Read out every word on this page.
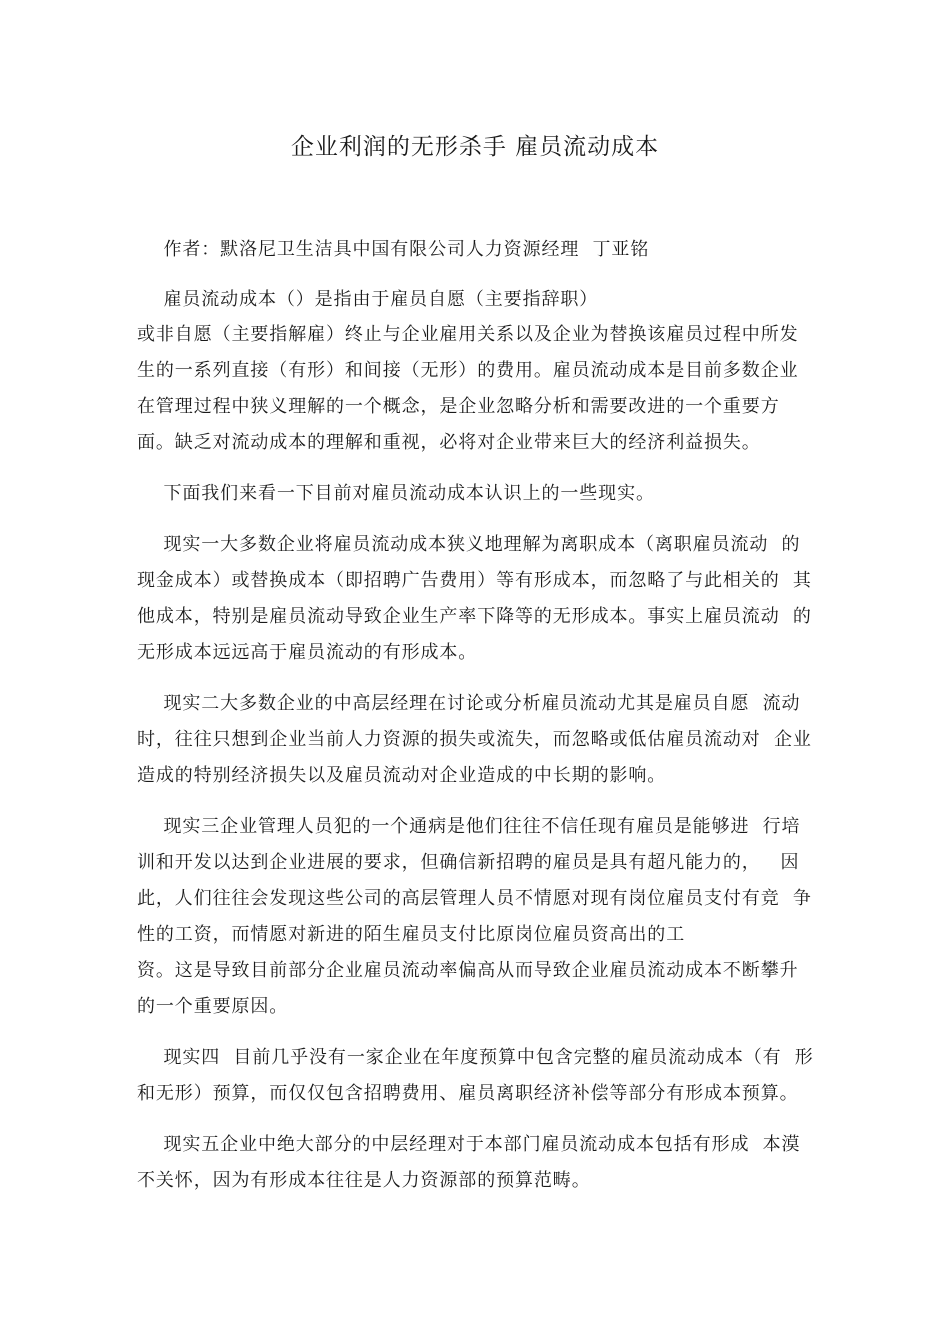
企业利润的无形杀手 雇员流动成本
作者：默洛尼卫生洁具中国有限公司人力资源经理  丁亚铭
雇员流动成本（）是指由于雇员自愿（主要指辞职）
或非自愿（主要指解雇）终止与企业雇用关系以及企业为替换该雇员过程中所发
生的一系列直接（有形）和间接（无形）的费用。雇员流动成本是目前多数企业
在管理过程中狭义理解的一个概念，是企业忽略分析和需要改进的一个重要方
面。缺乏对流动成本的理解和重视，必将对企业带来巨大的经济利益损失。
下面我们来看一下目前对雇员流动成本认识上的一些现实。
现实一大多数企业将雇员流动成本狭义地理解为离职成本（离职雇员流动  的
现金成本）或替换成本（即招聘广告费用）等有形成本，而忽略了与此相关的  其
他成本，特别是雇员流动导致企业生产率下降等的无形成本。事实上雇员流动  的
无形成本远远高于雇员流动的有形成本。
现实二大多数企业的中高层经理在讨论或分析雇员流动尤其是雇员自愿  流动
时，往往只想到企业当前人力资源的损失或流失，而忽略或低估雇员流动对  企业
造成的特别经济损失以及雇员流动对企业造成的中长期的影响。
现实三企业管理人员犯的一个通病是他们往往不信任现有雇员是能够进  行培
训和开发以达到企业进展的要求，但确信新招聘的雇员是具有超凡能力的，   因
此，人们往往会发现这些公司的高层管理人员不情愿对现有岗位雇员支付有竞  争
性的工资，而情愿对新进的陌生雇员支付比原岗位雇员资高出的工
资。这是导致目前部分企业雇员流动率偏高从而导致企业雇员流动成本不断攀升
的一个重要原因。
现实四  目前几乎没有一家企业在年度预算中包含完整的雇员流动成本（有  形
和无形）预算，而仅仅包含招聘费用、雇员离职经济补偿等部分有形成本预算。
现实五企业中绝大部分的中层经理对于本部门雇员流动成本包括有形成  本漠
不关怀，因为有形成本往往是人力资源部的预算范畴。
